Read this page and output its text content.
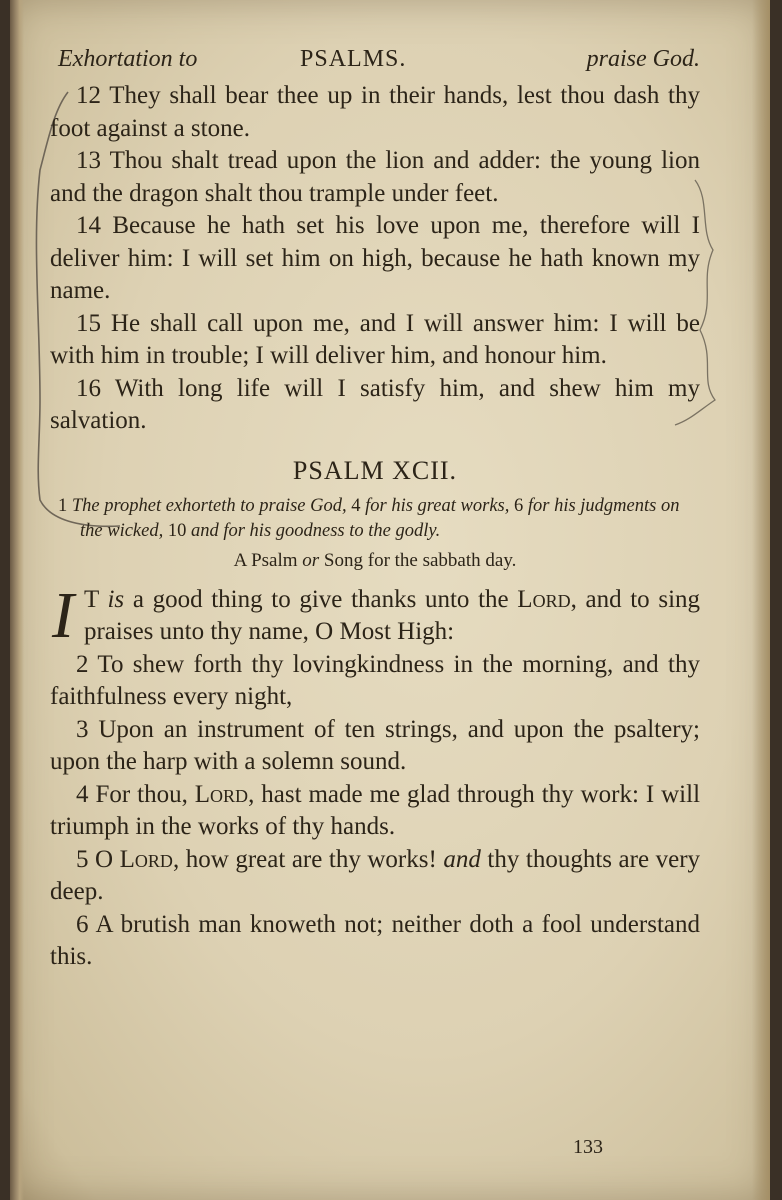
Exhortation to	PSALMS.	praise God.

12 They shall bear thee up in their hands, lest thou dash thy foot against a stone.

13 Thou shalt tread upon the lion and adder: the young lion and the dragon shalt thou trample under feet.

14 Because he hath set his love upon me, therefore will I deliver him: I will set him on high, because he hath known my name.

15 He shall call upon me, and I will answer him: I will be with him in trouble; I will deliver him, and honour him.

16 With long life will I satisfy him, and shew him my salvation.

PSALM XCII.

1 The prophet exhorteth to praise God, 4 for his great works, 6 for his judgments on the wicked, 10 and for his goodness to the godly.

A Psalm or Song for the sabbath day.

I T is a good thing to give thanks unto the Lord, and to sing praises unto thy name, O Most High:

2 To shew forth thy lovingkindness in the morning, and thy faithfulness every night,

3 Upon an instrument of ten strings, and upon the psaltery; upon the harp with a solemn sound.

4 For thou, Lord, hast made me glad through thy work: I will triumph in the works of thy hands.

5 O Lord, how great are thy works! and thy thoughts are very deep.

6 A brutish man knoweth not; neither doth a fool understand this.

133
